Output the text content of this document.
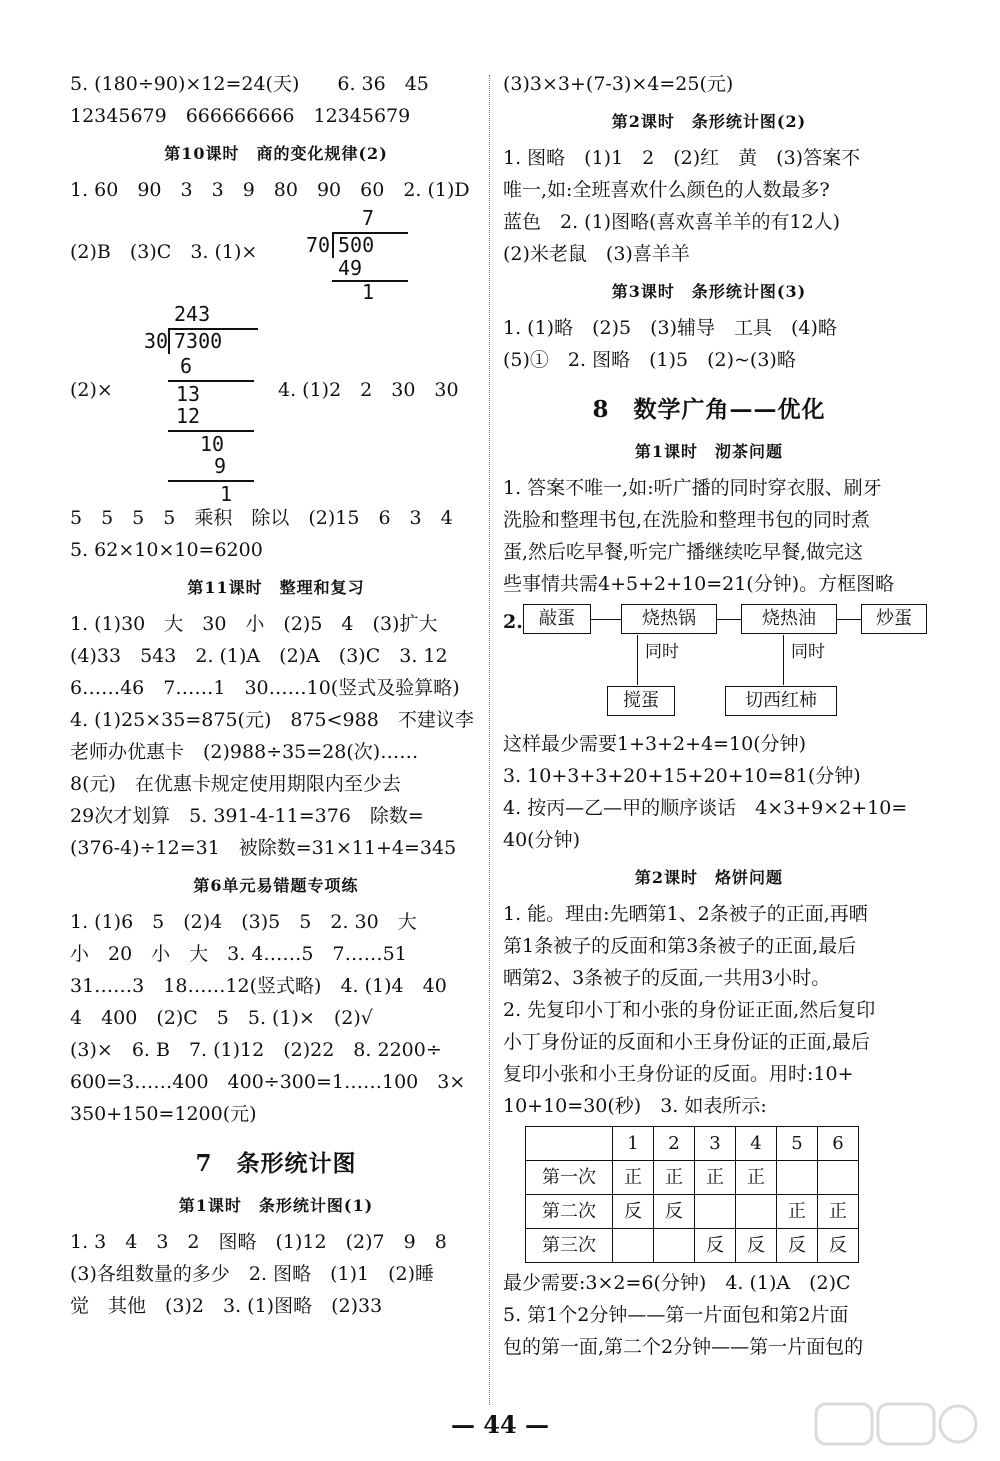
5. (180÷90)×12=24(天)　　6. 36　45
12345679　666666666　12345679
第10课时　商的变化规律(2)
1. 60　90　3　3　9　80　90　60　2. (1)D
(2)B　(3)C　3. (1)×
7
70 500
49
1
243
30 7300
6
(2)×	13
12
4. (1)2　2　30　30
10
9
1
5　5　5　5　乘积　除以　(2)15　6　3　4
5. 62×10×10=6200
第11课时　整理和复习
1. (1)30　大　30　小　(2)5　4　(3)扩大
(4)33　543　2. (1)A　(2)A　(3)C　3. 12
6……46　7……1　30……10(竖式及验算略)
4. (1)25×35=875(元)　875<988　不建议李
老师办优惠卡　(2)988÷35=28(次)……
8(元)　在优惠卡规定使用期限内至少去
29次才划算　5. 391-4-11=376　除数=
(376-4)÷12=31　被除数=31×11+4=345
第6单元易错题专项练
1. (1)6　5　(2)4　(3)5　5　2. 30　大
小　20　小　大　3. 4……5　7……51
31……3　18……12(竖式略)　4. (1)4　40
4　400　(2)C　5　5. (1)×　(2)√
(3)×　6. B　7. (1)12　(2)22　8. 2200÷
600=3……400　400÷300=1……100　3×
350+150=1200(元)
7　条形统计图
第1课时　条形统计图(1)
1. 3　4　3　2　图略　(1)12　(2)7　9　8
(3)各组数量的多少　2. 图略　(1)1　(2)睡
觉　其他　(3)2　3. (1)图略　(2)33
(3)3×3+(7-3)×4=25(元)
第2课时　条形统计图(2)
1. 图略　(1)1　2　(2)红　黄　(3)答案不
唯一,如:全班喜欢什么颜色的人数最多?
蓝色　2. (1)图略(喜欢喜羊羊的有12人)
(2)米老鼠　(3)喜羊羊
第3课时　条形统计图(3)
1. (1)略　(2)5　(3)辅导　工具　(4)略
(5)①　2. 图略　(1)5　(2)~(3)略
8　数学广角——优化
第1课时　沏茶问题
1. 答案不唯一,如:听广播的同时穿衣服、刷牙
洗脸和整理书包,在洗脸和整理书包的同时煮
蛋,然后吃早餐,听完广播继续吃早餐,做完这
些事情共需4+5+2+10=21(分钟)。方框图略
2. 敲蛋	烧热锅	烧热油	炒蛋
同时
搅蛋
同时
切西红柿
这样最少需要1+3+2+4=10(分钟)
3. 10+3+3+20+15+20+10=81(分钟)
4. 按丙—乙—甲的顺序谈话　4×3+9×2+10=
40(分钟)
第2课时　烙饼问题
1. 能。理由:先晒第1、2条被子的正面,再晒
第1条被子的反面和第3条被子的正面,最后
晒第2、3条被子的反面,一共用3小时。
2. 先复印小丁和小张的身份证正面,然后复印
小丁身份证的反面和小王身份证的正面,最后
复印小张和小王身份证的反面。用时:10+
10+10=30(秒)　3. 如表所示:
	1	2	3	4	5	6
第一次	正	正	正	正		
第二次	反	反			正	正
第三次			反	反	反	反
最少需要:3×2=6(分钟)　4. (1)A　(2)C
5. 第1个2分钟——第一片面包和第2片面
包的第一面,第二个2分钟——第一片面包的
— 44 —
